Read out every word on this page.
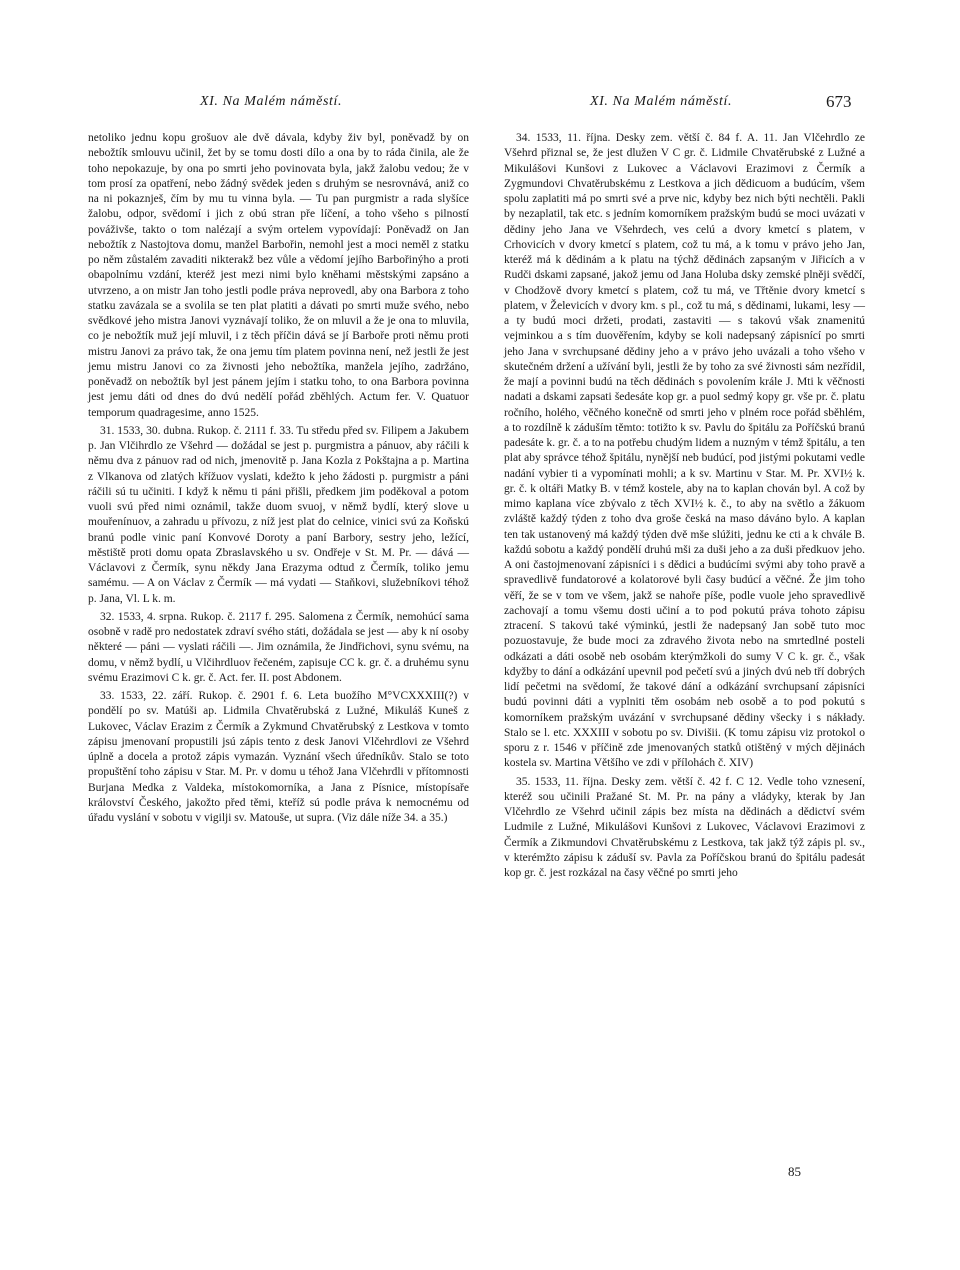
XI. Na Malém náměstí.	XI. Na Malém náměstí.	673

netoliko jednu kopu grošuov ale dvě dávala, kdyby živ byl, poněvadž by on nebožtík smlouvu učinil, žet by se tomu dosti dílo a ona by to ráda činila, ale že toho nepokazuje, by ona po smrti jeho povinovata byla, jakž žalobu vedou; že v tom prosí za opatření, nebo žádný svědek jeden s druhým se nesrovnává, aniž co na ni pokaznješ, čím by mu tu vinna byla. — Tu pan purgmistr a rada slyšíce žalobu, odpor, svědomí i jich z obú stran pře líčení, a toho všeho s pilností pováživše, takto o tom nalézají a svým ortelem vypovídají: Poněvadž on Jan nebožtík z Nastojtova domu, manžel Barbořin, nemohl jest a moci neměl z statku po něm zůstalém zavaditi nikterakž bez vůle a vědomí jejího Barbořinýho a proti obapolnímu vzdání, kteréž jest mezi nimi bylo kněhami městskými zapsáno a utvrzeno, a on mistr Jan toho jestli podle práva neprovedl, aby ona Barbora z toho statku zavázala se a svolila se ten plat platiti a dávati po smrti muže svého, nebo svědkové jeho mistra Janovi vyznávají toliko, že on mluvil a že je ona to mluvila, co je nebožtík muž její mluvil, i z těch příčin dává se jí Barboře proti němu proti mistru Janovi za právo tak, že ona jemu tím platem povinna není, než jestli že jest jemu mistru Janovi co za živnosti jeho nebožtíka, manžela jejího, zadržáno, poněvadž on nebožtík byl jest pánem jejím i statku toho, to ona Barbora povinna jest jemu dáti od dnes do dvú nedělí pořád zběhlých. Actum fer. V. Quatuor temporum quadragesime, anno 1525.

31. 1533, 30. dubna. Rukop. č. 2111 f. 33. Tu středu před sv. Filipem a Jakubem p. Jan Vlčihrdlo ze Všehrd — dožádal se jest p. purgmistra a pánuov, aby ráčili k němu dva z pánuov rad od nich, jmenovitě p. Jana Kozla z Pokštajna a p. Martina z Vlkanova od zlatých křížuov vyslati, kdežto k jeho žádosti p. purgmistr a páni ráčili sú tu učiniti. I když k němu ti páni přišli, předkem jim poděkoval a potom vuoli svú před nimi oznámil, takže duom svuoj, v němž bydlí, který slove u mouřenínuov, a zahradu u přívozu, z níž jest plat do celnice, vinici svú za Koňskú branú podle vinic paní Konvové Doroty a paní Barbory, sestry jeho, ležící, městiště proti domu opata Zbraslavského u sv. Ondřeje v St. M. Pr. — dává — Václavovi z Čermík, synu někdy Jana Erazyma odtud z Čermík, toliko jemu samému. — A on Václav z Čermík — má vydati — Staňkovi, služebníkovi téhož p. Jana, Vl. L k. m.

32. 1533, 4. srpna. Rukop. č. 2117 f. 295. Salomena z Čermík, nemohúcí sama osobně v radě pro nedostatek zdraví svého státi, dožádala se jest — aby k ní osoby některé — páni — vyslati ráčili —. Jim oznámila, že Jindřichovi, synu svému, na domu, v němž bydlí, u Vlčihrdluov řečeném, zapisuje CC k. gr. č. a druhému synu svému Erazimovi C k. gr. č. Act. fer. II. post Abdonem.

33. 1533, 22. září. Rukop. č. 2901 f. 6. Leta buožího M°VCXXXIII(?) v pondělí po sv. Matúši ap. Lidmila Chvatěrubská z Lužné, Mikuláš Kuneš z Lukovec, Václav Erazim z Čermík a Zykmund Chvatěrubský z Lestkova v tomto zápisu jmenovaní propustili jsú zápis tento z desk Janovi Vlčehrdlovi ze Všehrd úplně a docela a protož zápis vymazán. Vyznání všech úředníkův. Stalo se toto propuštění toho zápisu v Star. M. Pr. v domu u téhož Jana Vlčehrdli v přítomnosti Burjana Medka z Valdeka, místokomorníka, a Jana z Písnice, místopísaře království Českého, jakožto před těmi, kteříž sú podle práva k nemocnému od úřadu vyslání v sobotu v vigilji sv. Matouše, ut supra. (Viz dále níže 34. a 35.)

34. 1533, 11. října. Desky zem. větší č. 84 f. A. 11. Jan Vlčehrdlo ze Všehrd přiznal se, že jest dlužen V C gr. č. Lidmile Chvatěrubské z Lužné a Mikulášovi Kunšovi z Lukovec a Václavovi Erazimovi z Čermík a Zygmundovi Chvatěrubskému z Lestkova a jich dědicuom a budúcím, všem spolu zaplatiti má po smrti své a prve nic, kdyby bez nich býti nechtěli. Pakli by nezaplatil, tak etc. s jedním komorníkem pražským budú se moci uvázati v dědiny jeho Jana ve Všehrdech, ves celú a dvory kmetcí s platem, v Crhovicích v dvory kmetcí s platem, což tu má, a k tomu v právo jeho Jan, kteréž má k dědinám a k platu na týchž dědinách zapsaným v Jiřicích a v Rudči dskami zapsané, jakož jemu od Jana Holuba dsky zemské plněji svědčí, v Chodžově dvory kmetcí s platem, což tu má, ve Třtěnie dvory kmetcí s platem, v Želevicích v dvory km. s pl., což tu má, s dědinami, lukami, lesy — a ty budú moci držeti, prodati, zastaviti — s takovú však znamenitú vejminkou a s tím duověřením, kdyby se koli nadepsaný zápisnící po smrti jeho Jana v svrchupsané dědiny jeho a v právo jeho uvázali a toho všeho v skutečném držení a užívání byli, jestli že by toho za své živnosti sám nezřídil, že mají a povinni budú na těch dědinách s povolením krále J. Mti k věčnosti nadati a dskami zapsati šedesáte kop gr. a puol sedmý kopy gr. vše pr. č. platu ročního, holého, věčného konečně od smrti jeho v plném roce pořád sběhlém, a to rozdílně k záduším těmto: totižto k sv. Pavlu do špitálu za Poříčskú branú padesáte k. gr. č. a to na potřebu chudým lidem a nuzným v témž špitálu, a ten plat aby správce téhož špitálu, nynější neb budúcí, pod jistými pokutami vedle nadání vybier ti a vypomínati mohli; a k sv. Martinu v Star. M. Pr. XVI½ k. gr. č. k oltáři Matky B. v témž kostele, aby na to kaplan chován byl. A což by mimo kaplana více zbývalo z těch XVI½ k. č., to aby na světlo a žákuom zvláště každý týden z toho dva groše česká na maso dáváno bylo. A kaplan ten tak ustanovený má každý týden dvě mše slúžiti, jednu ke cti a k chvále B. každú sobotu a každý pondělí druhú mši za duši jeho a za duši předkuov jeho. A oni častojmenovaní zápisníci i s dědici a budúcími svými aby toho pravě a spravedlivě fundatorové a kolatorové byli časy budúcí a věčné. Že jim toho věří, že se v tom ve všem, jakž se nahoře píše, podle vuole jeho spravedlivě zachovají a tomu všemu dosti učiní a to pod pokutú práva tohoto zápisu ztracení. S takovú také výminkú, jestli že nadepsaný Jan sobě tuto moc pozuostavuje, že bude moci za zdravého života nebo na smrtedlné posteli odkázati a dáti osobě neb osobám kterýmžkoli do sumy V C k. gr. č., však kdyžby to dání a odkázání upevnil pod pečetí svú a jiných dvú neb tří dobrých lidí pečetmi na svědomí, že takové dání a odkázání svrchupsaní zápisníci budú povinni dáti a vyplniti těm osobám neb osobě a to pod pokutú s komorníkem pražským uvázání v svrchupsané dědiny všecky i s nákłady. Stalo se l. etc. XXXIII v sobotu po sv. Divišii. (K tomu zápisu viz protokol o sporu z r. 1546 v příčině zde jmenovaných statků otištěný v mých dějinách kostela sv. Martina Většího ve zdi v přílohách č. XIV)

35. 1533, 11. října. Desky zem. větší č. 42 f. C 12. Vedle toho vznesení, kteréž sou učinili Pražané St. M. Pr. na pány a vládyky, kterak by Jan Vlčehrdlo ze Všehrd učinil zápis bez místa na dědinách a dědictví svém Ludmile z Lužné, Mikulášovi Kunšovi z Lukovec, Václavovi Erazimovi z Čermík a Zikmundovi Chvatěrubskému z Lestkova, tak jakž týž zápis pl. sv., v kterémžto zápisu k záduší sv. Pavla za Poříčskou branú do špitálu padesát kop gr. č. jest rozkázal na časy věčné po smrti jeho

85
